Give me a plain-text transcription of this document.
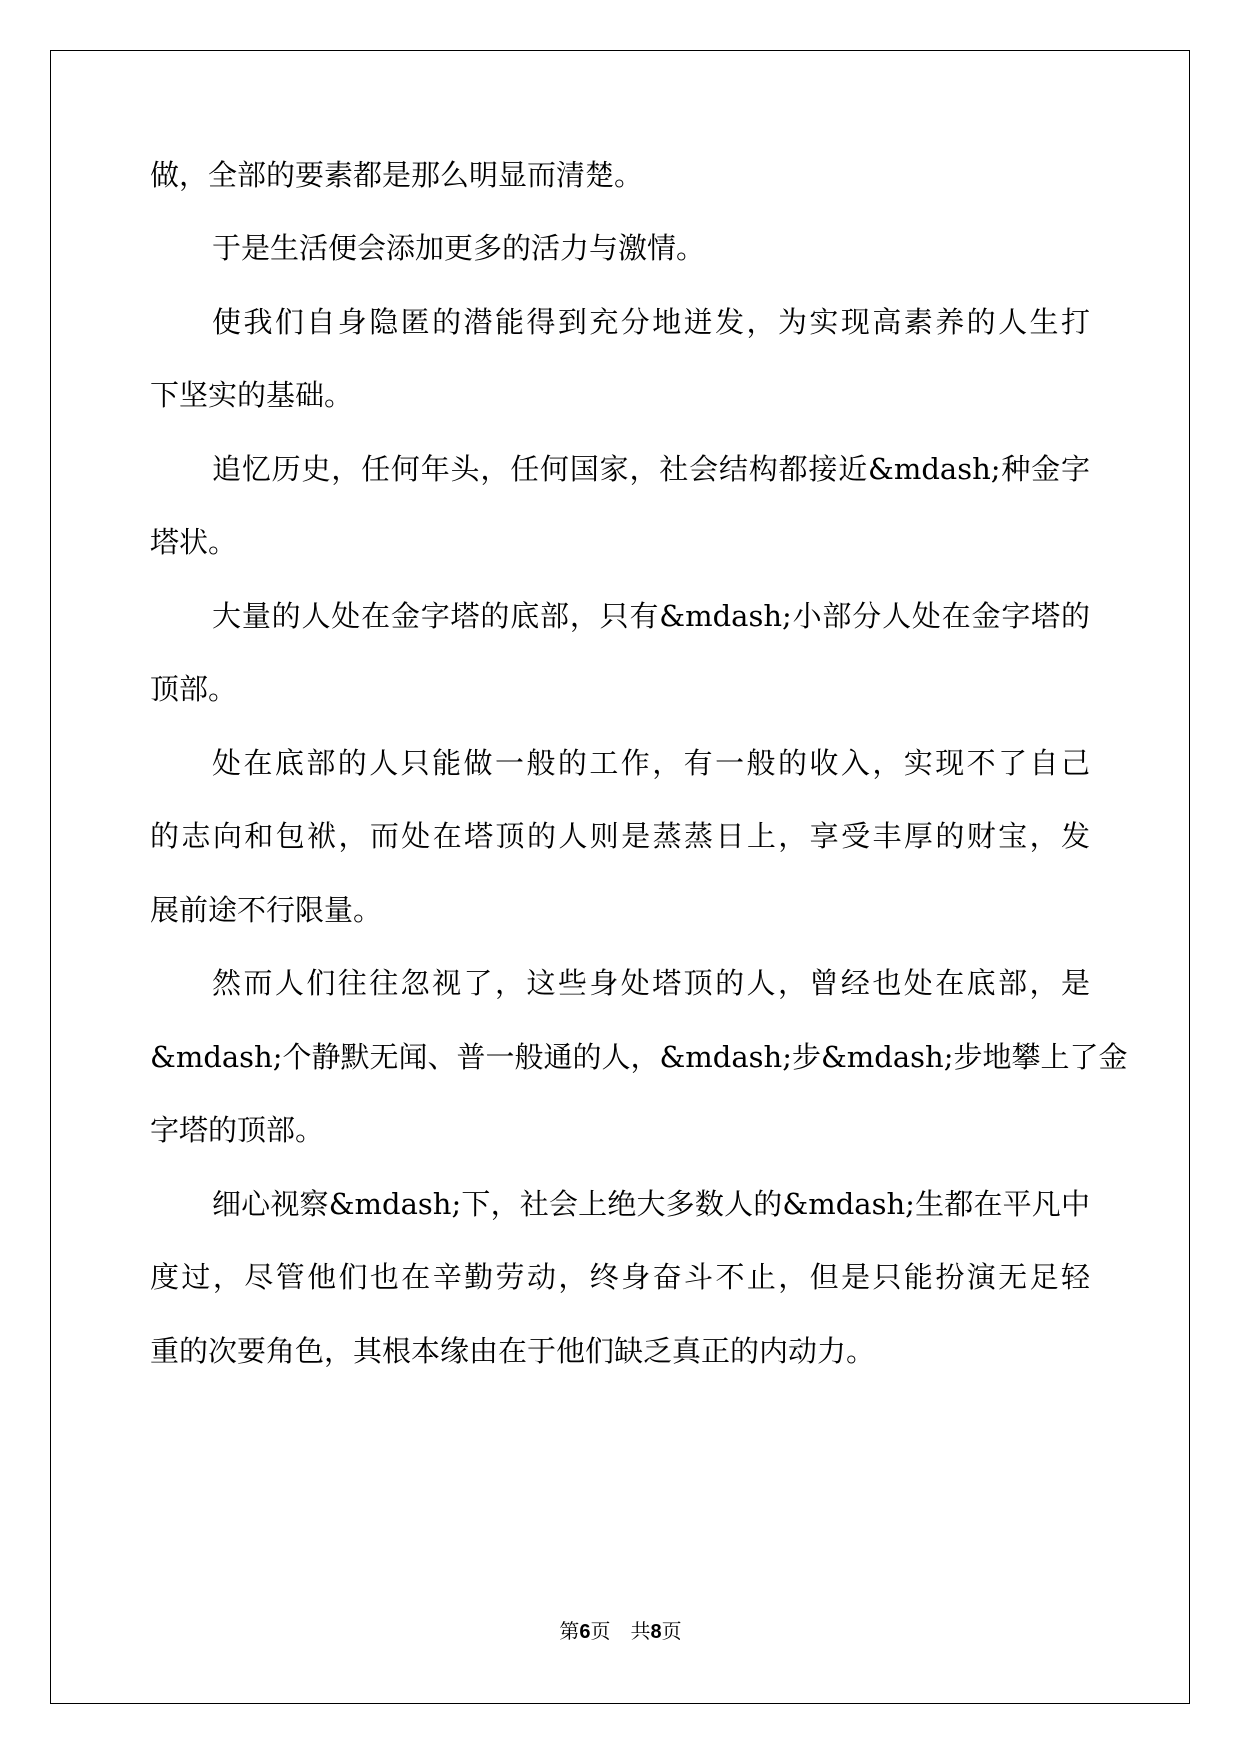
做，全部的要素都是那么明显而清楚。
于是生活便会添加更多的活力与激情。
使我们自身隐匿的潜能得到充分地迸发，为实现高素养的人生打
下坚实的基础。
追忆历史，任何年头，任何国家，社会结构都接近&mdash;种金字
塔状。
大量的人处在金字塔的底部，只有&mdash;小部分人处在金字塔的
顶部。
处在底部的人只能做一般的工作，有一般的收入，实现不了自己
的志向和包袱，而处在塔顶的人则是蒸蒸日上，享受丰厚的财宝，发
展前途不行限量。
然而人们往往忽视了，这些身处塔顶的人，曾经也处在底部，是
&mdash;个静默无闻、普一般通的人，&mdash;步&mdash;步地攀上了金
字塔的顶部。
细心视察&mdash;下，社会上绝大多数人的&mdash;生都在平凡中
度过，尽管他们也在辛勤劳动，终身奋斗不止，但是只能扮演无足轻
重的次要角色，其根本缘由在于他们缺乏真正的内动力。
第6页　共8页
